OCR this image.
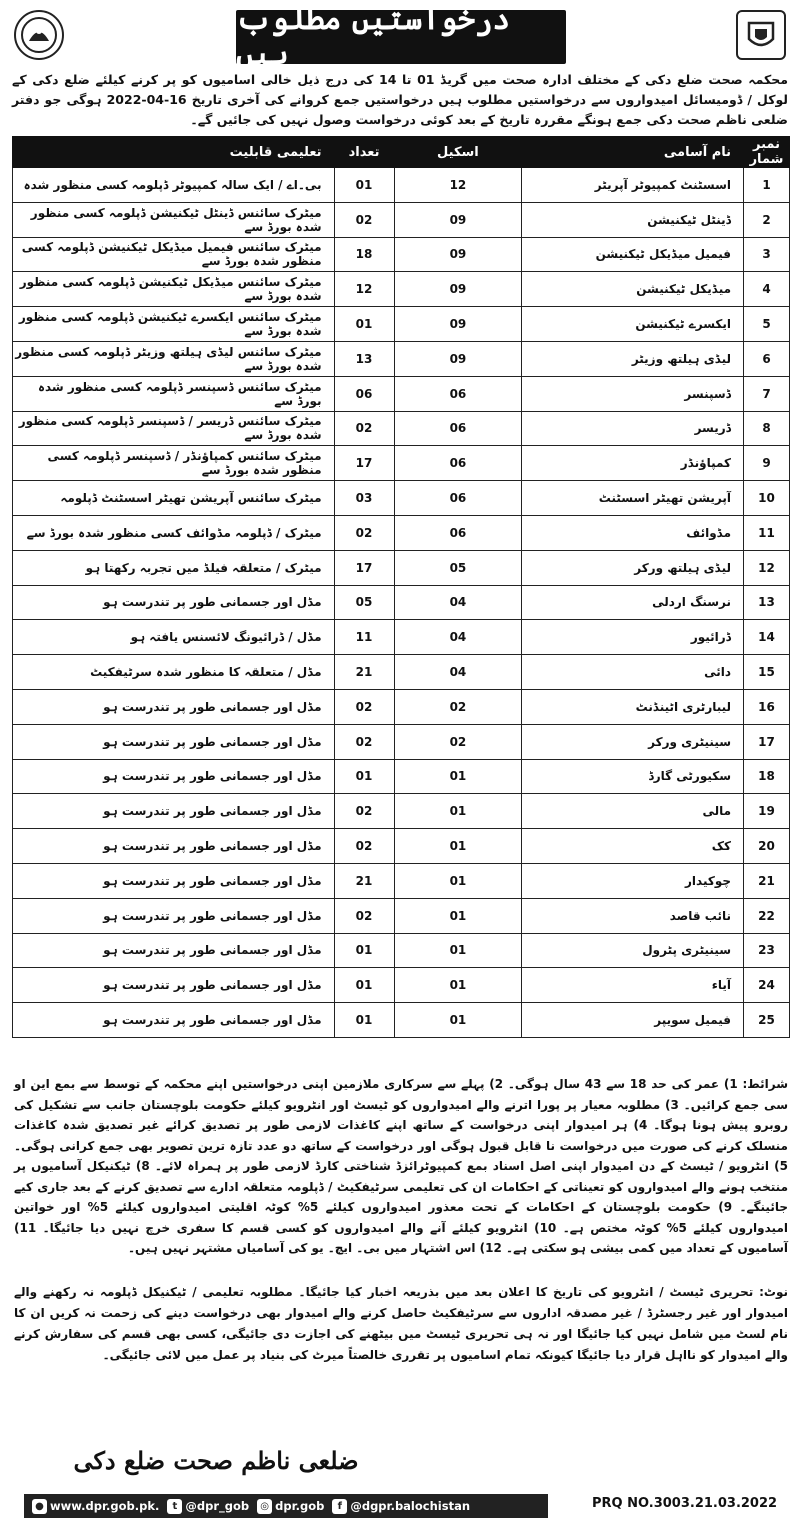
درخواستیں مطلوب ہیں
محکمہ صحت ضلع دکی کے مختلف ادارہ صحت میں گریڈ 01 تا 14 کی درج ذیل خالی اسامیوں کو پر کرنے کیلئے ضلع دکی کے لوکل / ڈومیسائل امیدواروں سے درخواستیں مطلوب ہیں درخواستیں جمع کروانے کی آخری تاریخ 16-04-2022 ہوگی جو دفتر ضلعی ناظم صحت دکی جمع ہونگے مقررہ تاریخ کے بعد کوئی درخواست وصول نہیں کی جائیں گے۔
نمبر شمار	نام آسامی	اسکیل	تعداد	تعلیمی قابلیت
1	اسسٹنٹ کمپیوٹر آپریٹر	12	01	بی۔اے / ایک سالہ کمپیوٹر ڈپلومہ کسی منظور شدہ
2	ڈینٹل ٹیکنیشن	09	02	میٹرک سائنس ڈینٹل ٹیکنیشن ڈپلومہ کسی منظور شدہ بورڈ سے
3	فیمیل میڈیکل ٹیکنیشن	09	18	میٹرک سائنس فیمیل میڈیکل ٹیکنیشن ڈپلومہ کسی منظور شدہ بورڈ سے
4	میڈیکل ٹیکنیشن	09	12	میٹرک سائنس میڈیکل ٹیکنیشن ڈپلومہ کسی منظور شدہ بورڈ سے
5	ایکسرے ٹیکنیشن	09	01	میٹرک سائنس ایکسرے ٹیکنیشن ڈپلومہ کسی منظور شدہ بورڈ سے
6	لیڈی ہیلتھ وزیٹر	09	13	میٹرک سائنس لیڈی ہیلتھ وزیٹر ڈپلومہ کسی منظور شدہ بورڈ سے
7	ڈسپنسر	06	06	میٹرک سائنس ڈسپنسر ڈپلومہ کسی منظور شدہ بورڈ سے
8	ڈریسر	06	02	میٹرک سائنس ڈریسر / ڈسپنسر ڈپلومہ کسی منظور شدہ بورڈ سے
9	کمپاؤنڈر	06	17	میٹرک سائنس کمپاؤنڈر / ڈسپنسر ڈپلومہ کسی منظور شدہ بورڈ سے
10	آپریشن تھیٹر اسسٹنٹ	06	03	میٹرک سائنس آپریشن تھیٹر اسسٹنٹ ڈپلومہ
11	مڈوائف	06	02	میٹرک / ڈپلومہ مڈوائف کسی منظور شدہ بورڈ سے
12	لیڈی ہیلتھ ورکر	05	17	میٹرک / متعلقہ فیلڈ میں تجربہ رکھتا ہو
13	نرسنگ اردلی	04	05	مڈل اور جسمانی طور پر تندرست ہو
14	ڈرائیور	04	11	مڈل / ڈرائیونگ لائسنس یافتہ ہو
15	دائی	04	21	مڈل / متعلقہ کا منظور شدہ سرٹیفکیٹ
16	لیبارٹری اٹینڈنٹ	02	02	مڈل اور جسمانی طور پر تندرست ہو
17	سینیٹری ورکر	02	02	مڈل اور جسمانی طور پر تندرست ہو
18	سکیورٹی گارڈ	01	01	مڈل اور جسمانی طور پر تندرست ہو
19	مالی	01	02	مڈل اور جسمانی طور پر تندرست ہو
20	کک	01	02	مڈل اور جسمانی طور پر تندرست ہو
21	چوکیدار	01	21	مڈل اور جسمانی طور پر تندرست ہو
22	نائب قاصد	01	02	مڈل اور جسمانی طور پر تندرست ہو
23	سینیٹری پٹرول	01	01	مڈل اور جسمانی طور پر تندرست ہو
24	آیاء	01	01	مڈل اور جسمانی طور پر تندرست ہو
25	فیمیل سویپر	01	01	مڈل اور جسمانی طور پر تندرست ہو
شرائط: 1) عمر کی حد 18 سے 43 سال ہوگی۔ 2) پہلے سے سرکاری ملازمین اپنی درخواستیں اپنے محکمہ کے توسط سے بمع این او سی جمع کرائیں۔ 3) مطلوبہ معیار پر پورا اترنے والے امیدواروں کو ٹیسٹ اور انٹرویو کیلئے حکومت بلوچستان جانب سے تشکیل کی روبرو پیش ہونا ہوگا۔ 4) ہر امیدوار اپنی درخواست کے ساتھ اپنے کاغذات لازمی طور پر تصدیق کرائے غیر تصدیق شدہ کاغذات منسلک کرنے کی صورت میں درخواست نا قابل قبول ہوگی اور درخواست کے ساتھ دو عدد تازہ ترین تصویر بھی جمع کرانی ہوگی۔ 5) انٹرویو / ٹیسٹ کے دن امیدوار اپنی اصل اسناد بمع کمپیوٹرائزڈ شناختی کارڈ لازمی طور پر ہمراہ لائے۔ 8) ٹیکنیکل آسامیوں پر منتخب ہونے والے امیدواروں کو تعیناتی کے احکامات ان کی تعلیمی سرٹیفکیٹ / ڈپلومہ متعلقہ ادارے سے تصدیق کرنے کے بعد جاری کیے جائینگے۔ 9) حکومت بلوچستان کے احکامات کے تحت معذور امیدواروں کیلئے 5% کوٹہ اقلیتی امیدواروں کیلئے 5% اور خواتین امیدواروں کیلئے 5% کوٹہ مختص ہے۔ 10) انٹرویو کیلئے آنے والے امیدواروں کو کسی قسم کا سفری خرچ نہیں دیا جائیگا۔ 11) آسامیوں کے تعداد میں کمی بیشی ہو سکتی ہے۔ 12) اس اشتہار میں بی۔ ایچ۔ یو کی آسامیاں مشتہر نہیں ہیں۔
نوٹ: تحریری ٹیسٹ / انٹرویو کی تاریخ کا اعلان بعد میں بذریعہ اخبار کیا جائیگا۔ مطلوبہ تعلیمی / ٹیکنیکل ڈپلومہ نہ رکھنے والے امیدوار اور غیر رجسٹرڈ / غیر مصدقہ اداروں سے سرٹیفکیٹ حاصل کرنے والے امیدوار بھی درخواست دینے کی زحمت نہ کریں ان کا نام لسٹ میں شامل نہیں کیا جائیگا اور نہ ہی تحریری ٹیسٹ میں بیٹھنے کی اجازت دی جائیگی، کسی بھی قسم کی سفارش کرنے والے امیدوار کو نااہل قرار دیا جائیگا کیونکہ تمام اسامیوں پر تقرری خالصتاً میرٹ کی بنیاد پر عمل میں لائی جائیگی۔
ضلعی ناظم صحت ضلع دکی
● www.dpr.gob.pk.	t @dpr_gob	◎ dpr.gob	f @dgpr.balochistan	PRQ NO.3003.21.03.2022
